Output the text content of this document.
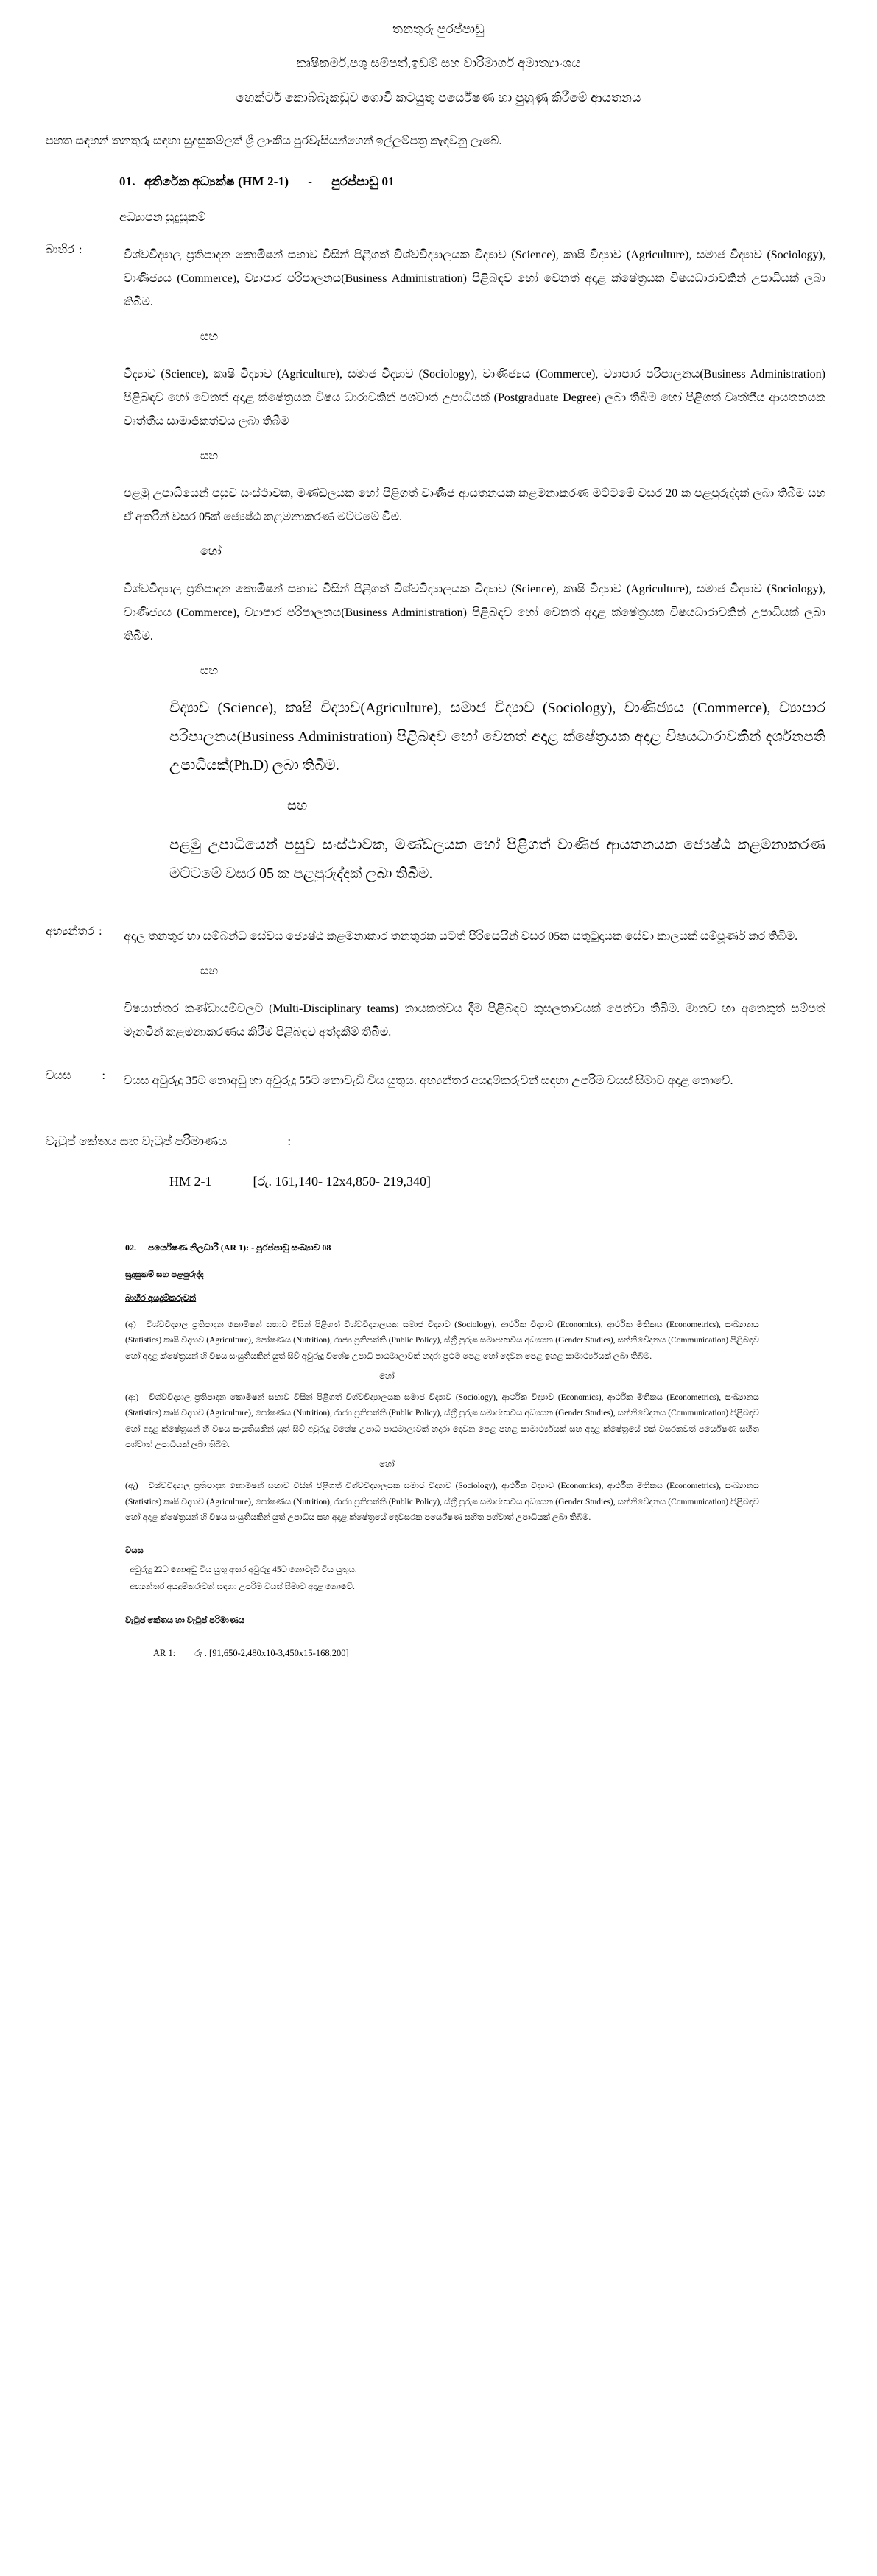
තනතුරු පුරප්පාඩු
කෘෂිකර්ම,පශු සම්පත්,ඉඩම් සහ වාරිමාර්ග අමාත්‍යාංශය
හෙක්ටර් කොබ්බෑකඩුව ගොවි කටයුතු පර්යේෂණ හා පුහුණු කිරීමේ ආයතනය
පහත සඳහන් තනතුරු සඳහා සුදුසුකම්ලත් ශ්‍රී ලාංකීය පුරවැසියන්ගෙන් ඉල්ලුම්පත්‍ර කැඳවනු ලැබේ.
01. අතිරේක අධ්‍යක්ෂ (HM 2-1) - පුරප්පාඩු 01
අධ්‍යාපන සුදුසුකම්
බාහිර :	විශ්වවිද්‍යාල ප්‍රතිපාදන කොමිෂන් සභාව විසින් පිළිගත් විශ්වවිද්‍යාලයක විද්‍යාව (Science), කෘෂි විද්‍යාව (Agriculture), සමාජ විද්‍යාව (Sociology), වාණිජ්‍යය (Commerce), ව්‍යාපාර පරිපාලනය(Business Administration) පිළිබඳව හෝ වෙනත් අදාළ ක්ෂේත්‍රයක විෂයධාරාවකින් උපාධියක් ලබා තිබීම.
සහ
විද්‍යාව (Science), කෘෂි විද්‍යාව (Agriculture), සමාජ විද්‍යාව (Sociology), වාණිජ්‍යය (Commerce), ව්‍යාපාර පරිපාලනය(Business Administration) පිළිබඳව හෝ වෙනත් අදාළ ක්ෂේත්‍රයක විෂය ධාරාවකින් පශ්චාත් උපාධියක් (Postgraduate Degree) ලබා තිබීම හෝ පිළිගත් වෘත්තීය ආයතනයක වෘත්තීය සාමාජිකත්වය ලබා තිබීම
සහ
පළමු උපාධියෙන් පසුව සංස්ථාවක, මණ්ඩලයක හෝ පිළිගත් වාණිජ ආයතනයක කළමනාකරණ මට්ටමේ වසර 20 ක පළපුරුද්දක් ලබා තිබීම සහ ඒ අතරින් වසර 05ක් ජ්‍යෙෂ්ඨ කළමනාකරණ මට්ටමේ වීම.
හෝ
විශ්වවිද්‍යාල ප්‍රතිපාදන කොමිෂන් සභාව විසින් පිළිගත් විශ්වවිද්‍යාලයක විද්‍යාව (Science), කෘෂි විද්‍යාව (Agriculture), සමාජ විද්‍යාව (Sociology), වාණිජ්‍යය (Commerce), ව්‍යාපාර පරිපාලනය(Business Administration) පිළිබඳව හෝ වෙනත් අදාළ ක්ෂේත්‍රයක විෂයධාරාවකින් උපාධියක් ලබා තිබීම.
සහ
විද්‍යාව (Science), කෘෂි විද්‍යාව(Agriculture), සමාජ විද්‍යාව (Sociology), වාණිජ්‍යය (Commerce), ව්‍යාපාර පරිපාලනය(Business Administration) පිළිබඳව හෝ වෙනත් අදාළ ක්ෂේත්‍රයක අදාළ විෂයධාරාවකින් දර්ශනපති උපාධියක්(Ph.D) ලබා තිබීම.
සහ
පළමු උපාධියෙන් පසුව සංස්ථාවක, මණ්ඩලයක හෝ පිළිගත් වාණිජ ආයතනයක ජ්‍යෙෂ්ඨ කළමනාකරණ මට්ටමේ වසර 05 ක පළපුරුද්දක් ලබා තිබීම.
අභ්‍යන්තර :	අදාල තනතුර හා සම්බන්ධ සේවය ජ්‍යෙෂ්ඨ කළමනාකාර තනතුරක යටත් පිරිසෙයින් වසර 05ක සතුටුදායක සේවා කාලයක් සම්පූර්ණ කර තිබීම.
සහ
විෂයාන්තර කණ්ඩායම්වලට (Multi-Disciplinary teams) නායකත්වය දීම පිළිබඳව කුසලතාවයක් පෙන්වා තිබීම. මානව හා අනෙකුත් සම්පත් මැනවින් කළමනාකරණය කිරීම පිළිබඳව අත්දැකීම් තිබීම.
වයස	:	වයස අවුරුදු 35ට නොඅඩු හා අවුරුදු 55ට නොවැඩි විය යුතුය. අභ්‍යන්තර අයදුම්කරුවන් සඳහා උපරිම වයස් සීමාව අදාළ නොවේ.
වැටුප් කේතය සහ වැටුප් පරිමාණය	:
HM 2-1	[රු. 161,140- 12x4,850- 219,340]
02. පර්යේෂණ නිලධාරී (AR 1): - පුරප්පාඩු සංඛ්‍යාව 08
සුදුසුකම් සහ පළපුරුද්ද
බාහිර අයදුම්කරුවන්
(අ) විශ්වවිද්‍යාල ප්‍රතිපාදන කොමිෂන් සභාව විසින් පිළිගත් විශ්වවිද්‍යාලයක සමාජ විද්‍යාව (Sociology), ආර්ථික විද්‍යාව (Economics), ආර්ථික මිතිකය (Econometrics), සංඛ්‍යානය (Statistics) කෘෂි විද්‍යාව (Agriculture), පෝෂණය (Nutrition), රාජ්‍ය ප්‍රතිපත්ති (Public Policy), ස්ත්‍රී පුරුෂ සමාජභාවීය අධ්‍යයන (Gender Studies), සන්නිවේදනය (Communication) පිළිබඳව හෝ අදාළ ක්ෂේත්‍රයන් හි විෂය සංයුතියකින් යුත් සිව් අවුරුදු විශේෂ උපාධි පාඨමාලාවක් හදාරා ප්‍රථම පෙළ හෝ දෙවන පෙළ ඉහළ සාමාර්ථ්‍යයක් ලබා තිබීම.
හෝ
(ආ) විශ්වවිද්‍යාල ප්‍රතිපාදන කොමිෂන් සභාව විසින් පිළිගත් විශ්වවිද්‍යාලයක සමාජ විද්‍යාව (Sociology), ආර්ථික විද්‍යාව (Economics), ආර්ථික මිතිකය (Econometrics), සංඛ්‍යානය (Statistics) කෘෂි විද්‍යාව (Agriculture), පෝෂණය (Nutrition), රාජ්‍ය ප්‍රතිපත්ති (Public Policy), ස්ත්‍රී පුරුෂ සමාජභාවීය අධ්‍යයන (Gender Studies), සන්නිවේදනය (Communication) පිළිබඳව හෝ අදාළ ක්ෂේත්‍රයන් හි විෂය සංයුතියකින් යුත් සිව් අවුරුදු විශේෂ උපාධි පාඨමාලාවක් හදාරා දෙවන පෙළ පහළ සාමාර්ථ්‍යයක් සහ අදාළ ක්ෂේත්‍රයේ එක් වසරකවත් පර්යේෂණ සහිත පශ්චාත් උපාධියක් ලබා තිබීම.
හෝ
(ඇ) විශ්වවිද්‍යාල ප්‍රතිපාදන කොමිෂන් සභාව විසින් පිළිගත් විශ්වවිද්‍යාලයක සමාජ විද්‍යාව (Sociology), ආර්ථික විද්‍යාව (Economics), ආර්ථික මිතිකය (Econometrics), සංඛ්‍යානය (Statistics) කෘෂි විද්‍යාව (Agriculture), පෝෂණය (Nutrition), රාජ්‍ය ප්‍රතිපත්ති (Public Policy), ස්ත්‍රී පුරුෂ සමාජභාවීය අධ්‍යයන (Gender Studies), සන්නිවේදනය (Communication) පිළිබඳව හෝ අදාළ ක්ෂේත්‍රයන් හි විෂය සංයුතියකින් යුත් උපාධිය සහ අදාළ ක්ෂේත්‍රයේ දෙවසරක පර්යේෂණ සහිත පශ්චාත් උපාධියක් ලබා තිබීම.
වයස
අවුරුදු 22ට නොඅඩු විය යුතු අතර අවුරුදු 45ට නොවැඩි විය යුතුය.
අභ්‍යන්තර අයදුම්කරුවන් සඳහා උපරිම වයස් සීමාව අදාළ නොවේ.
වැටුප් කේතය හා වැටුප් පරිමාණය
AR 1: රු . [91,650-2,480x10-3,450x15-168,200]
